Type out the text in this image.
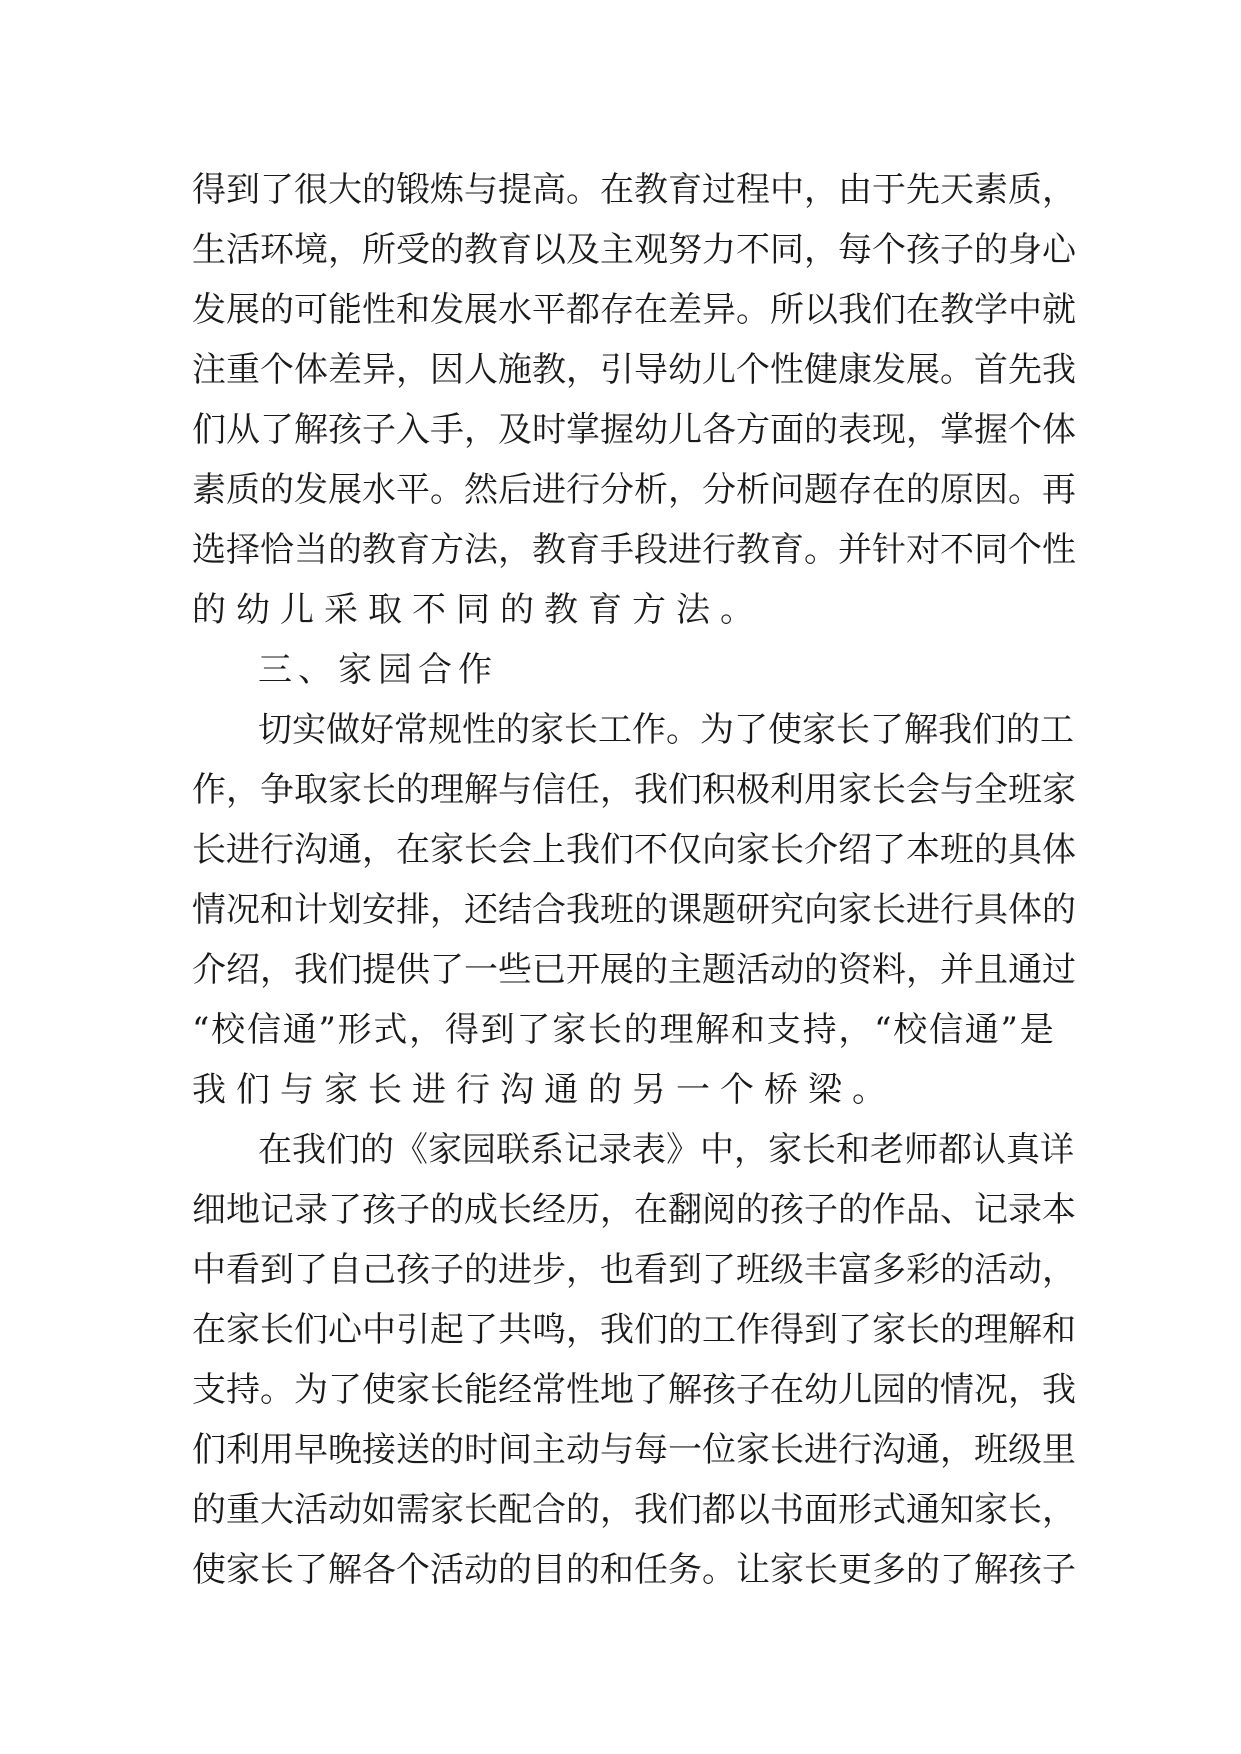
得 到 了 很 大 的 锻 炼 与 提 高 。 在 教 育 过 程 中 ， 由 于 先 天 素 质 ，
生 活 环 境 ， 所 受 的 教 育 以 及 主 观 努 力 不 同 ， 每 个 孩 子 的 身 心
发 展 的 可 能 性 和 发 展 水 平 都 存 在 差 异 。 所 以 我 们 在 教 学 中 就
注 重 个 体 差 异 ， 因 人 施 教 ， 引 导 幼 儿 个 性 健 康 发 展 。 首 先 我
们 从 了 解 孩 子 入 手 ， 及 时 掌 握 幼 儿 各 方 面 的 表 现 ， 掌 握 个 体
素 质 的 发 展 水 平 。 然 后 进 行 分 析 ， 分 析 问 题 存 在 的 原 因 。 再
选 择 恰 当 的 教 育 方 法 ， 教 育 手 段 进 行 教 育 。 并 针 对 不 同 个 性
的幼儿采取不同的教育方法。
三、家园合作
切 实 做 好 常 规 性 的 家 长 工 作 。 为 了 使 家 长 了 解 我 们 的 工
作 ， 争 取 家 长 的 理 解 与 信 任 ， 我 们 积 极 利 用 家 长 会 与 全 班 家
长 进 行 沟 通 ， 在 家 长 会 上 我 们 不 仅 向 家 长 介 绍 了 本 班 的 具 体
情 况 和 计 划 安 排 ， 还 结 合 我 班 的 课 题 研 究 向 家 长 进 行 具 体 的
介 绍 ， 我 们 提 供 了 一 些 已 开 展 的 主 题 活 动 的 资 料 ， 并 且 通 过
“ 校 信 通 ” 形 式 ， 得 到 了 家 长 的 理 解 和 支 持 ， “ 校 信 通 ” 是
我们与家长进行沟通的另一个桥梁。
在 我 们 的 《 家 园 联 系 记 录 表 》 中 ， 家 长 和 老 师 都 认 真 详
细 地 记 录 了 孩 子 的 成 长 经 历 ， 在 翻 阅 的 孩 子 的 作 品 、 记 录 本
中 看 到 了 自 己 孩 子 的 进 步 ， 也 看 到 了 班 级 丰 富 多 彩 的 活 动 ，
在 家 长 们 心 中 引 起 了 共 鸣 ， 我 们 的 工 作 得 到 了 家 长 的 理 解 和
支 持 。 为 了 使 家 长 能 经 常 性 地 了 解 孩 子 在 幼 儿 园 的 情 况 ， 我
们 利 用 早 晚 接 送 的 时 间 主 动 与 每 一 位 家 长 进 行 沟 通 ， 班 级 里
的 重 大 活 动 如 需 家 长 配 合 的 ， 我 们 都 以 书 面 形 式 通 知 家 长 ，
使 家 长 了 解 各 个 活 动 的 目 的 和 任 务 。 让 家 长 更 多 的 了 解 孩 子
